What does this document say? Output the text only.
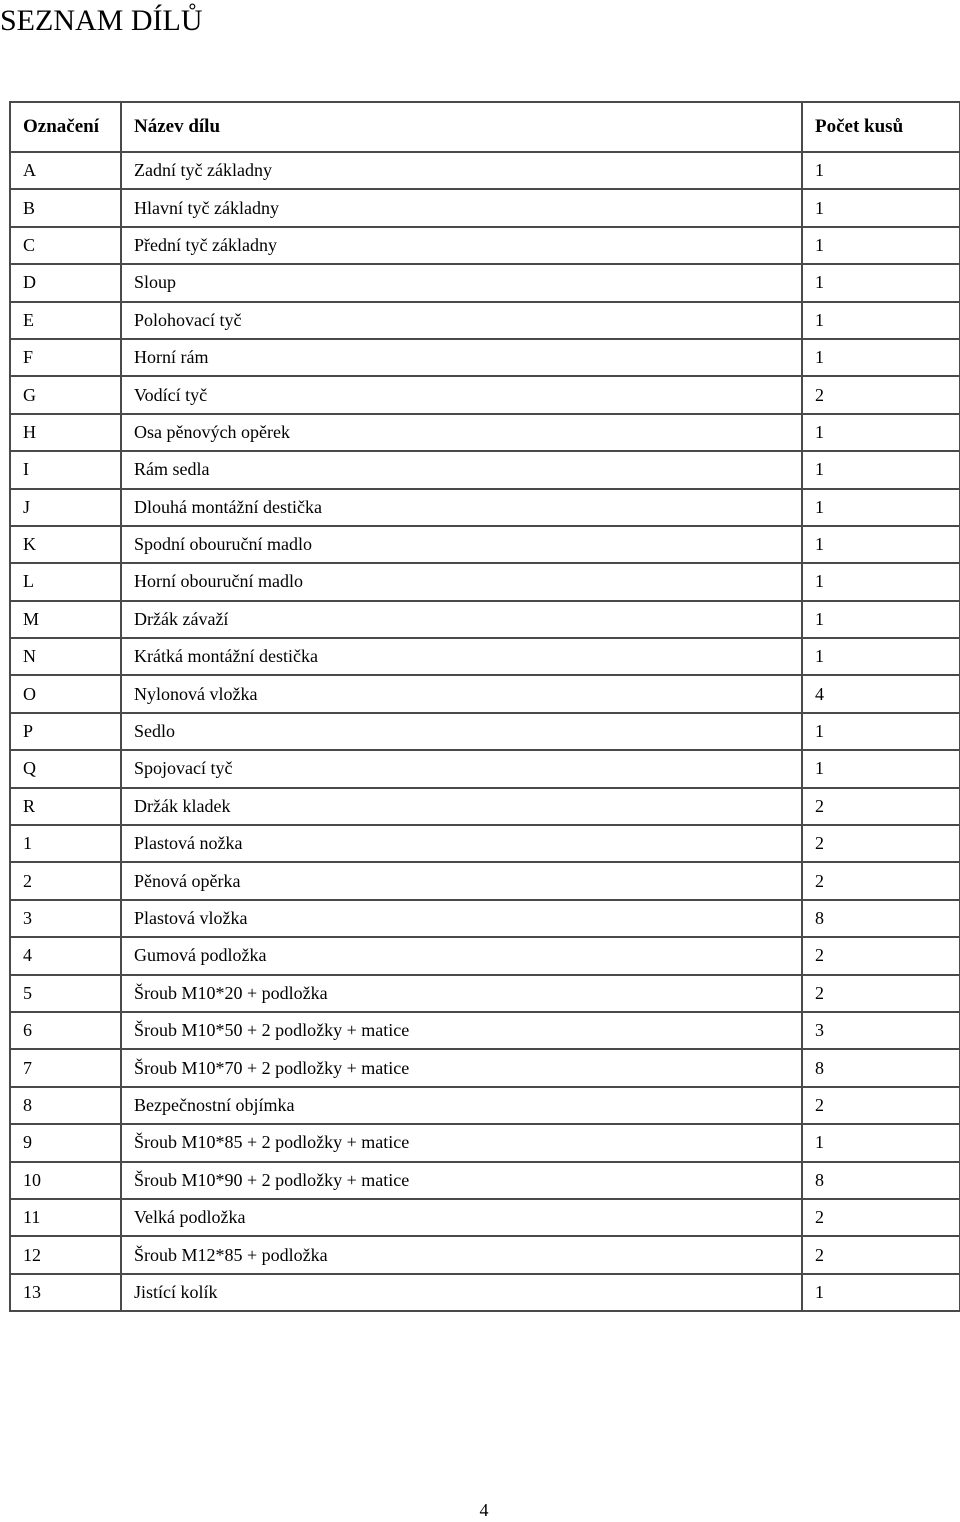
SEZNAM DÍLŮ
Označení	Název dílu	Počet kusů
A	Zadní tyč základny	1
B	Hlavní tyč základny	1
C	Přední tyč základny	1
D	Sloup	1
E	Polohovací tyč	1
F	Horní rám	1
G	Vodící tyč	2
H	Osa pěnových opěrek	1
I	Rám sedla	1
J	Dlouhá montážní destička	1
K	Spodní obouruční madlo	1
L	Horní obouruční madlo	1
M	Držák závaží	1
N	Krátká montážní destička	1
O	Nylonová vložka	4
P	Sedlo	1
Q	Spojovací tyč	1
R	Držák kladek	2
1	Plastová nožka	2
2	Pěnová opěrka	2
3	Plastová vložka	8
4	Gumová podložka	2
5	Šroub M10*20 + podložka	2
6	Šroub M10*50 + 2 podložky + matice	3
7	Šroub M10*70 + 2 podložky + matice	8
8	Bezpečnostní objímka	2
9	Šroub M10*85 + 2 podložky + matice	1
10	Šroub M10*90 + 2 podložky + matice	8
11	Velká podložka	2
12	Šroub M12*85 + podložka	2
13	Jistící kolík	1
4
